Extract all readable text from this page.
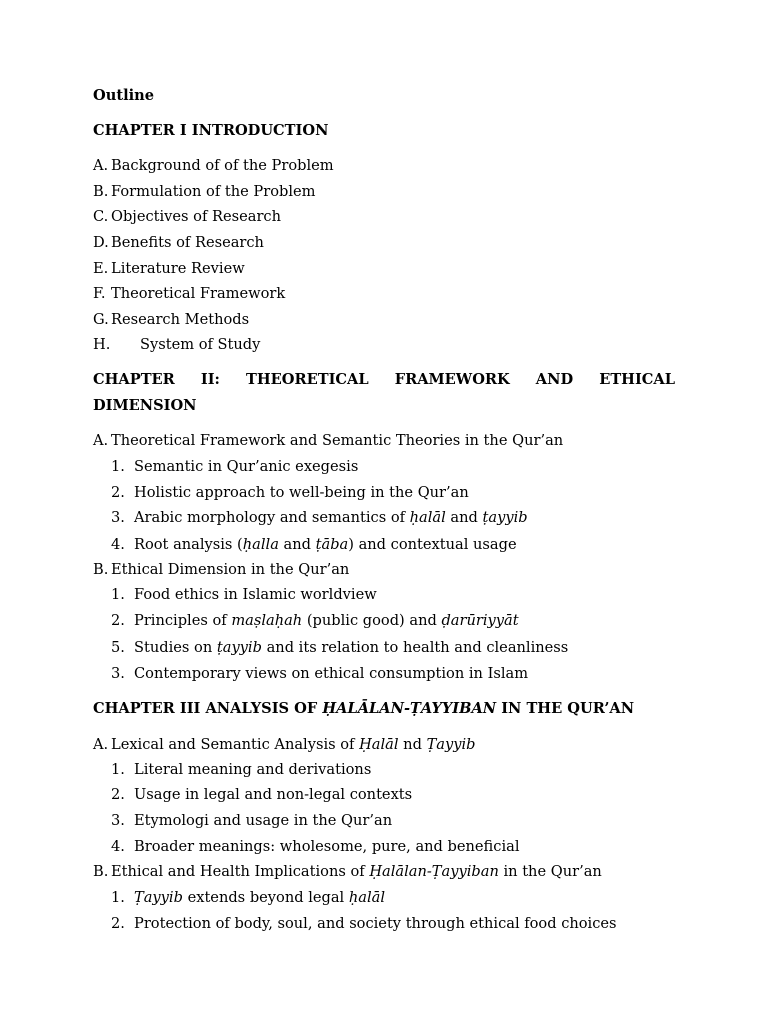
Outline
CHAPTER I INTRODUCTION
A. Background of of the Problem
B. Formulation of the Problem
C. Objectives of Research
D. Benefits of Research
E. Literature Review
F. Theoretical Framework
G. Research Methods
H. System of Study
CHAPTER II: THEORETICAL FRAMEWORK AND ETHICAL
DIMENSION
A. Theoretical Framework and Semantic Theories in the Qur’an
1. Semantic in Qur’anic exegesis
2. Holistic approach to well-being in the Qur’an
3. Arabic morphology and semantics of ḥalāl and ṭayyib
4. Root analysis (ḥalla and ṭāba) and contextual usage
B. Ethical Dimension in the Qur’an
1. Food ethics in Islamic worldview
2. Principles of maṣlaḥah (public good) and ḍarūriyyāt
5. Studies on ṭayyib and its relation to health and cleanliness
3. Contemporary views on ethical consumption in Islam
CHAPTER III ANALYSIS OF ḤALĀLAN-ṬAYYIBAN IN THE QUR’AN
A. Lexical and Semantic Analysis of Ḥalāl nd Ṭayyib
1. Literal meaning and derivations
2. Usage in legal and non-legal contexts
3. Etymologi and usage in the Qur’an
4. Broader meanings: wholesome, pure, and beneficial
B. Ethical and Health Implications of Ḥalālan-Ṭayyiban in the Qur’an
1. Ṭayyib extends beyond legal ḥalāl
2. Protection of body, soul, and society through ethical food choices
